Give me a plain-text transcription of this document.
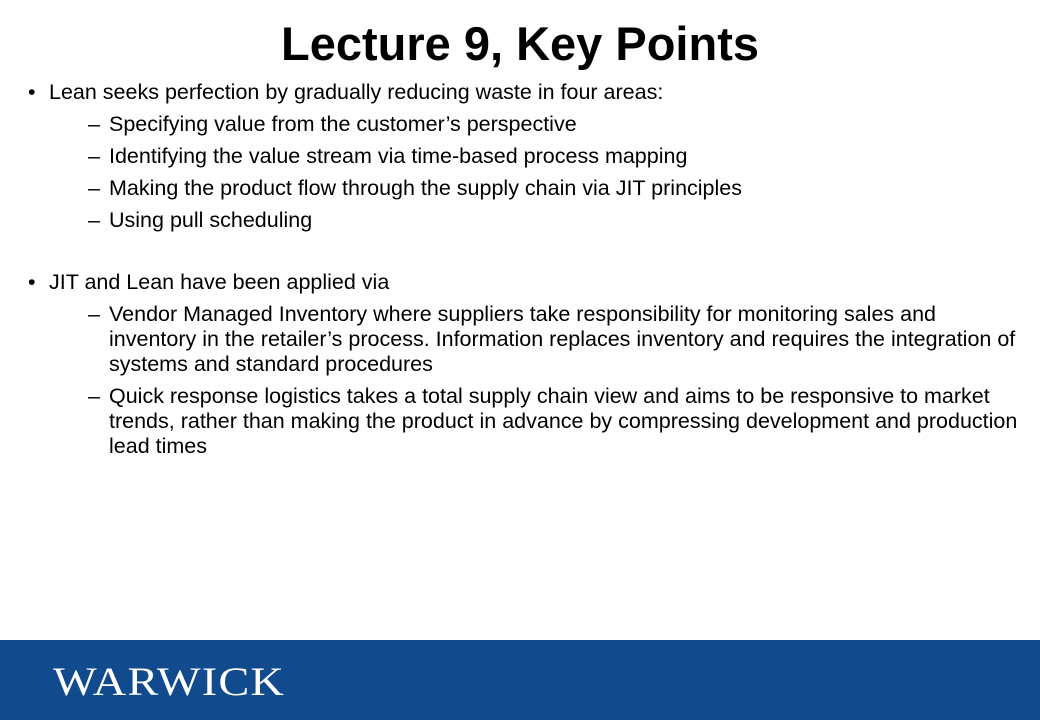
Lecture 9, Key Points

• Lean seeks perfection by gradually reducing waste in four areas:

– Specifying value from the customer’s perspective

– Identifying the value stream via time-based process mapping

– Making the product flow through the supply chain via JIT principles

– Using pull scheduling

• JIT and Lean have been applied via

– Vendor Managed Inventory where suppliers take responsibility for monitoring sales and inventory in the retailer’s process. Information replaces inventory and requires the integration of systems and standard procedures

– Quick response logistics takes a total supply chain view and aims to be responsive to market trends, rather than making the product in advance by compressing development and production lead times

WARWICK
